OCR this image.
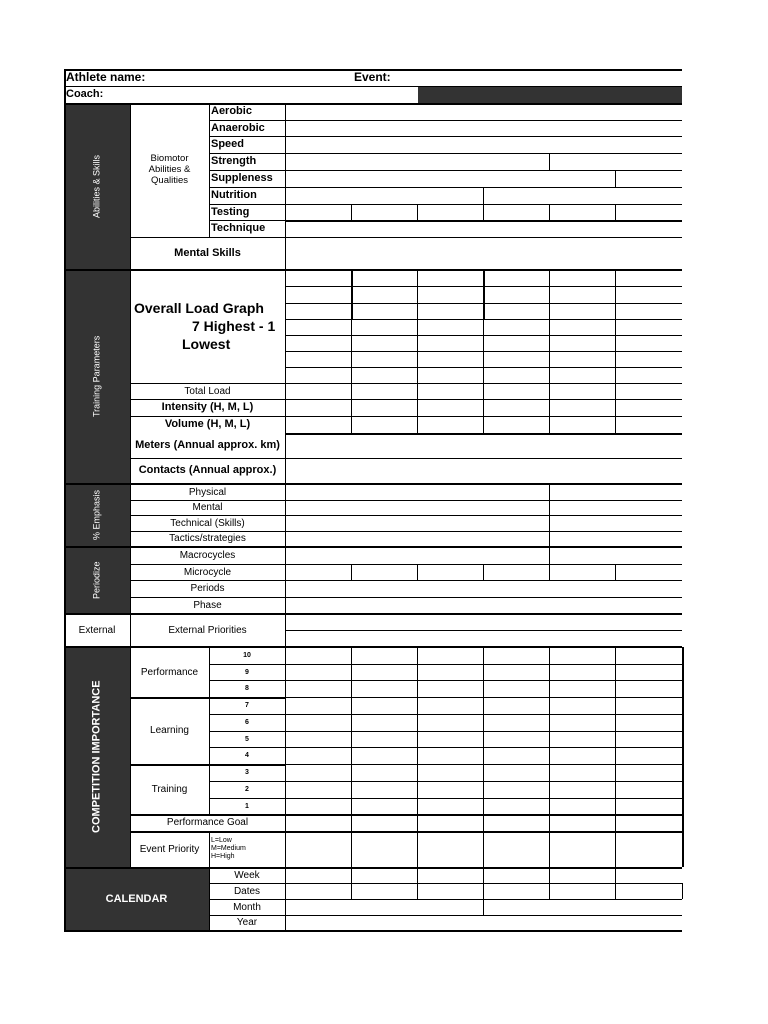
Athlete name:	Event:
Coach:
Abilities & Skills
Training Parameters
% Emphasis
Periodize
External
COMPETITION IMPORTANCE
CALENDAR
Biomotor
Abilities &
Qualities
Aerobic
Anaerobic
Speed
Strength
Suppleness
Nutrition
Testing
Technique
Mental Skills
Overall Load Graph
7 Highest - 1
Lowest
Total Load
Intensity (H, M, L)
Volume (H, M, L)
Meters (Annual approx. km)
Contacts (Annual approx.)
Physical
Mental
Technical (Skills)
Tactics/strategies
Macrocycles
Microcycle
Periods
Phase
External Priorities
Performance
Learning
Training
10
9
8
7
6
5
4
3
2
1
Performance Goal
Event Priority
L=Low
M=Medium
H=High
Week
Dates
Month
Year
